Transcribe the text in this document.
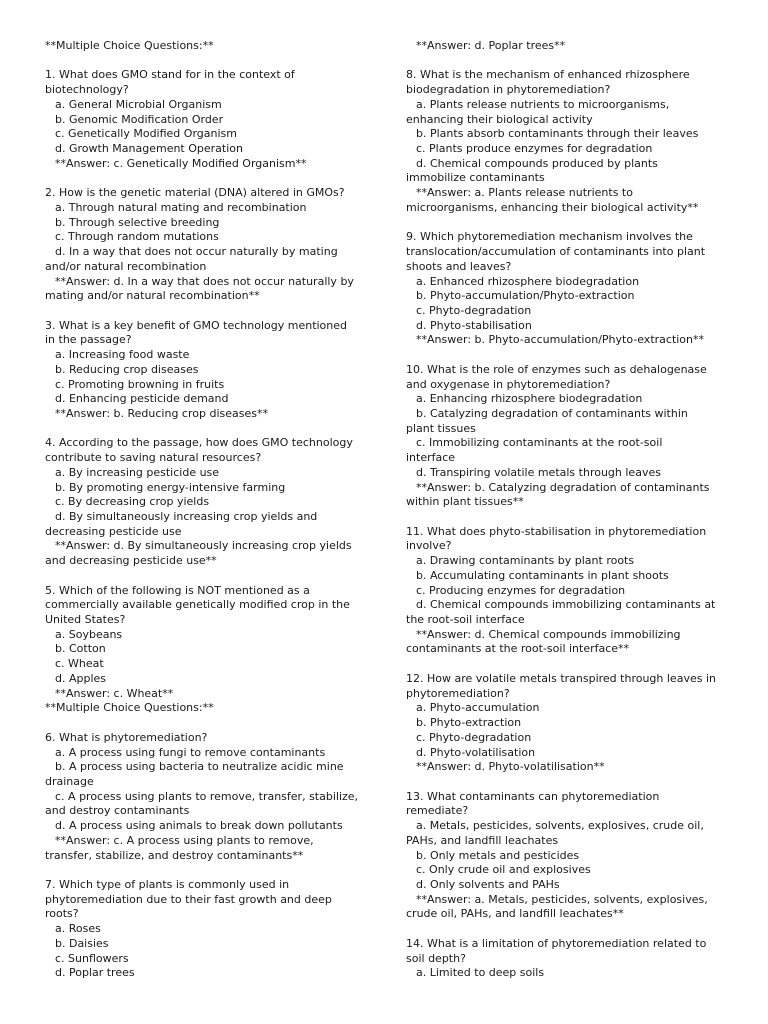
**Multiple Choice Questions:**
1. What does GMO stand for in the context of
biotechnology?
a. General Microbial Organism
b. Genomic Modification Order
c. Genetically Modified Organism
d. Growth Management Operation
**Answer: c. Genetically Modified Organism**
2. How is the genetic material (DNA) altered in GMOs?
a. Through natural mating and recombination
b. Through selective breeding
c. Through random mutations
d. In a way that does not occur naturally by mating
and/or natural recombination
**Answer: d. In a way that does not occur naturally by
mating and/or natural recombination**
3. What is a key benefit of GMO technology mentioned
in the passage?
a. Increasing food waste
b. Reducing crop diseases
c. Promoting browning in fruits
d. Enhancing pesticide demand
**Answer: b. Reducing crop diseases**
4. According to the passage, how does GMO technology
contribute to saving natural resources?
a. By increasing pesticide use
b. By promoting energy-intensive farming
c. By decreasing crop yields
d. By simultaneously increasing crop yields and
decreasing pesticide use
**Answer: d. By simultaneously increasing crop yields
and decreasing pesticide use**
5. Which of the following is NOT mentioned as a
commercially available genetically modified crop in the
United States?
a. Soybeans
b. Cotton
c. Wheat
d. Apples
**Answer: c. Wheat**
**Multiple Choice Questions:**
6. What is phytoremediation?
a. A process using fungi to remove contaminants
b. A process using bacteria to neutralize acidic mine
drainage
c. A process using plants to remove, transfer, stabilize,
and destroy contaminants
d. A process using animals to break down pollutants
**Answer: c. A process using plants to remove,
transfer, stabilize, and destroy contaminants**
7. Which type of plants is commonly used in
phytoremediation due to their fast growth and deep
roots?
a. Roses
b. Daisies
c. Sunflowers
d. Poplar trees
**Answer: d. Poplar trees**
8. What is the mechanism of enhanced rhizosphere
biodegradation in phytoremediation?
a. Plants release nutrients to microorganisms,
enhancing their biological activity
b. Plants absorb contaminants through their leaves
c. Plants produce enzymes for degradation
d. Chemical compounds produced by plants
immobilize contaminants
**Answer: a. Plants release nutrients to
microorganisms, enhancing their biological activity**
9. Which phytoremediation mechanism involves the
translocation/accumulation of contaminants into plant
shoots and leaves?
a. Enhanced rhizosphere biodegradation
b. Phyto-accumulation/Phyto-extraction
c. Phyto-degradation
d. Phyto-stabilisation
**Answer: b. Phyto-accumulation/Phyto-extraction**
10. What is the role of enzymes such as dehalogenase
and oxygenase in phytoremediation?
a. Enhancing rhizosphere biodegradation
b. Catalyzing degradation of contaminants within
plant tissues
c. Immobilizing contaminants at the root-soil
interface
d. Transpiring volatile metals through leaves
**Answer: b. Catalyzing degradation of contaminants
within plant tissues**
11. What does phyto-stabilisation in phytoremediation
involve?
a. Drawing contaminants by plant roots
b. Accumulating contaminants in plant shoots
c. Producing enzymes for degradation
d. Chemical compounds immobilizing contaminants at
the root-soil interface
**Answer: d. Chemical compounds immobilizing
contaminants at the root-soil interface**
12. How are volatile metals transpired through leaves in
phytoremediation?
a. Phyto-accumulation
b. Phyto-extraction
c. Phyto-degradation
d. Phyto-volatilisation
**Answer: d. Phyto-volatilisation**
13. What contaminants can phytoremediation
remediate?
a. Metals, pesticides, solvents, explosives, crude oil,
PAHs, and landfill leachates
b. Only metals and pesticides
c. Only crude oil and explosives
d. Only solvents and PAHs
**Answer: a. Metals, pesticides, solvents, explosives,
crude oil, PAHs, and landfill leachates**
14. What is a limitation of phytoremediation related to
soil depth?
a. Limited to deep soils
